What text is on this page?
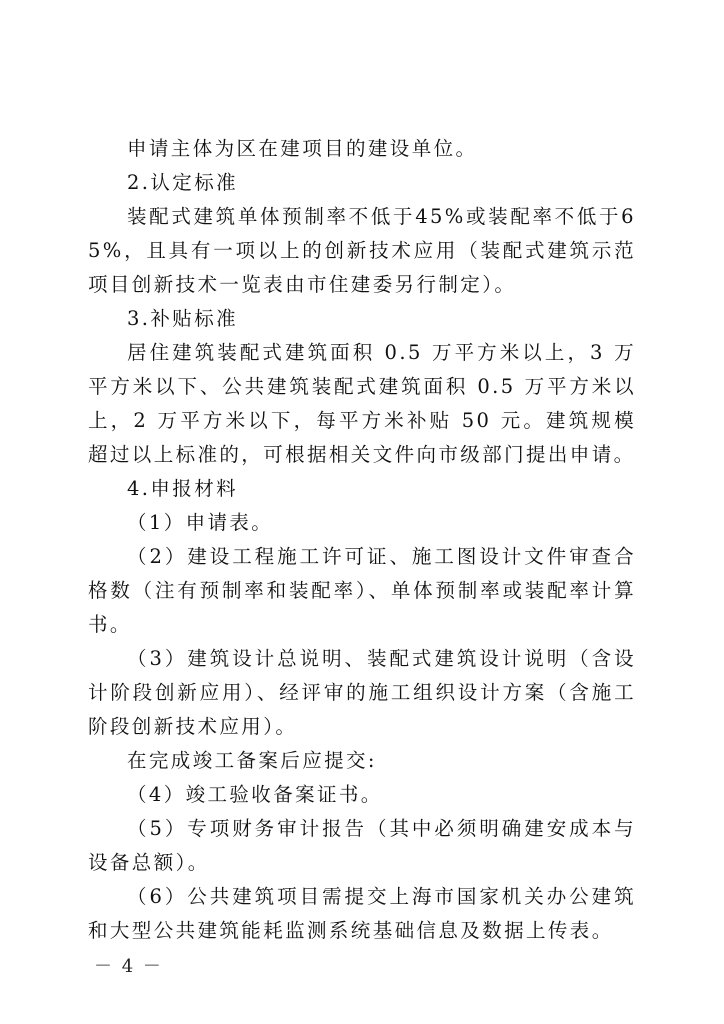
申请主体为区在建项目的建设单位。

2.认定标准

装配式建筑单体预制率不低于45%或装配率不低于65%，且具有一项以上的创新技术应用（装配式建筑示范项目创新技术一览表由市住建委另行制定）。

3.补贴标准

居住建筑装配式建筑面积 0.5 万平方米以上，3 万平方米以下、公共建筑装配式建筑面积 0.5 万平方米以上，2 万平方米以下，每平方米补贴 50 元。建筑规模超过以上标准的，可根据相关文件向市级部门提出申请。

4.申报材料

（1）申请表。

（2）建设工程施工许可证、施工图设计文件审查合格数（注有预制率和装配率）、单体预制率或装配率计算书。

（3）建筑设计总说明、装配式建筑设计说明（含设计阶段创新应用）、经评审的施工组织设计方案（含施工阶段创新技术应用）。

在完成竣工备案后应提交:

（4）竣工验收备案证书。

（5）专项财务审计报告（其中必须明确建安成本与设备总额）。

（6）公共建筑项目需提交上海市国家机关办公建筑和大型公共建筑能耗监测系统基础信息及数据上传表。

－ 4 －
